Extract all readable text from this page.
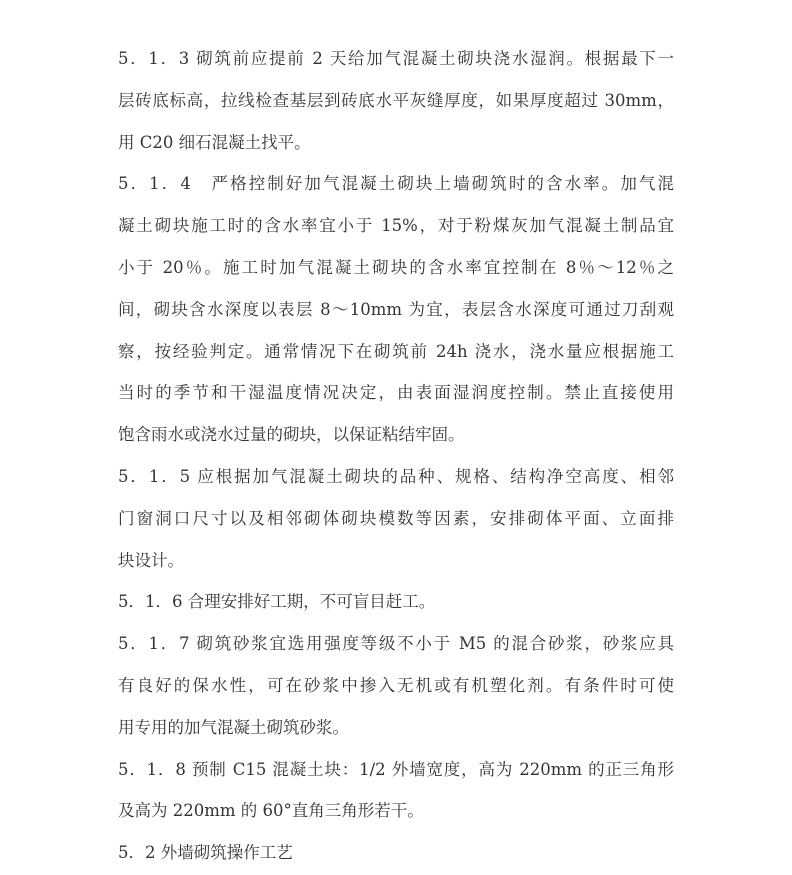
5．1．3 砌筑前应提前 2 天给加气混凝土砌块浇水湿润。根据最下一
层砖底标高，拉线检查基层到砖底水平灰缝厚度，如果厚度超过 30mm，
用 C20 细石混凝土找平。
5．1．4　严格控制好加气混凝土砌块上墙砌筑时的含水率。加气混
凝土砌块施工时的含水率宜小于 15%，对于粉煤灰加气混凝土制品宜
小于 20％。施工时加气混凝土砌块的含水率宜控制在 8％～12％之
间，砌块含水深度以表层 8～10mm 为宜，表层含水深度可通过刀刮观
察，按经验判定。通常情况下在砌筑前 24h 浇水，浇水量应根据施工
当时的季节和干湿温度情况决定，由表面湿润度控制。禁止直接使用
饱含雨水或浇水过量的砌块，以保证粘结牢固。
5．1．5 应根据加气混凝土砌块的品种、规格、结构净空高度、相邻
门窗洞口尺寸以及相邻砌体砌块模数等因素，安排砌体平面、立面排
块设计。
5．1．6 合理安排好工期，不可盲目赶工。
5．1．7 砌筑砂浆宜选用强度等级不小于 M5 的混合砂浆，砂浆应具
有良好的保水性，可在砂浆中掺入无机或有机塑化剂。有条件时可使
用专用的加气混凝土砌筑砂浆。
5．1．8 预制 C15 混凝土块：1/2 外墙宽度，高为 220mm 的正三角形
及高为 220mm 的 60°直角三角形若干。
5．2 外墙砌筑操作工艺
